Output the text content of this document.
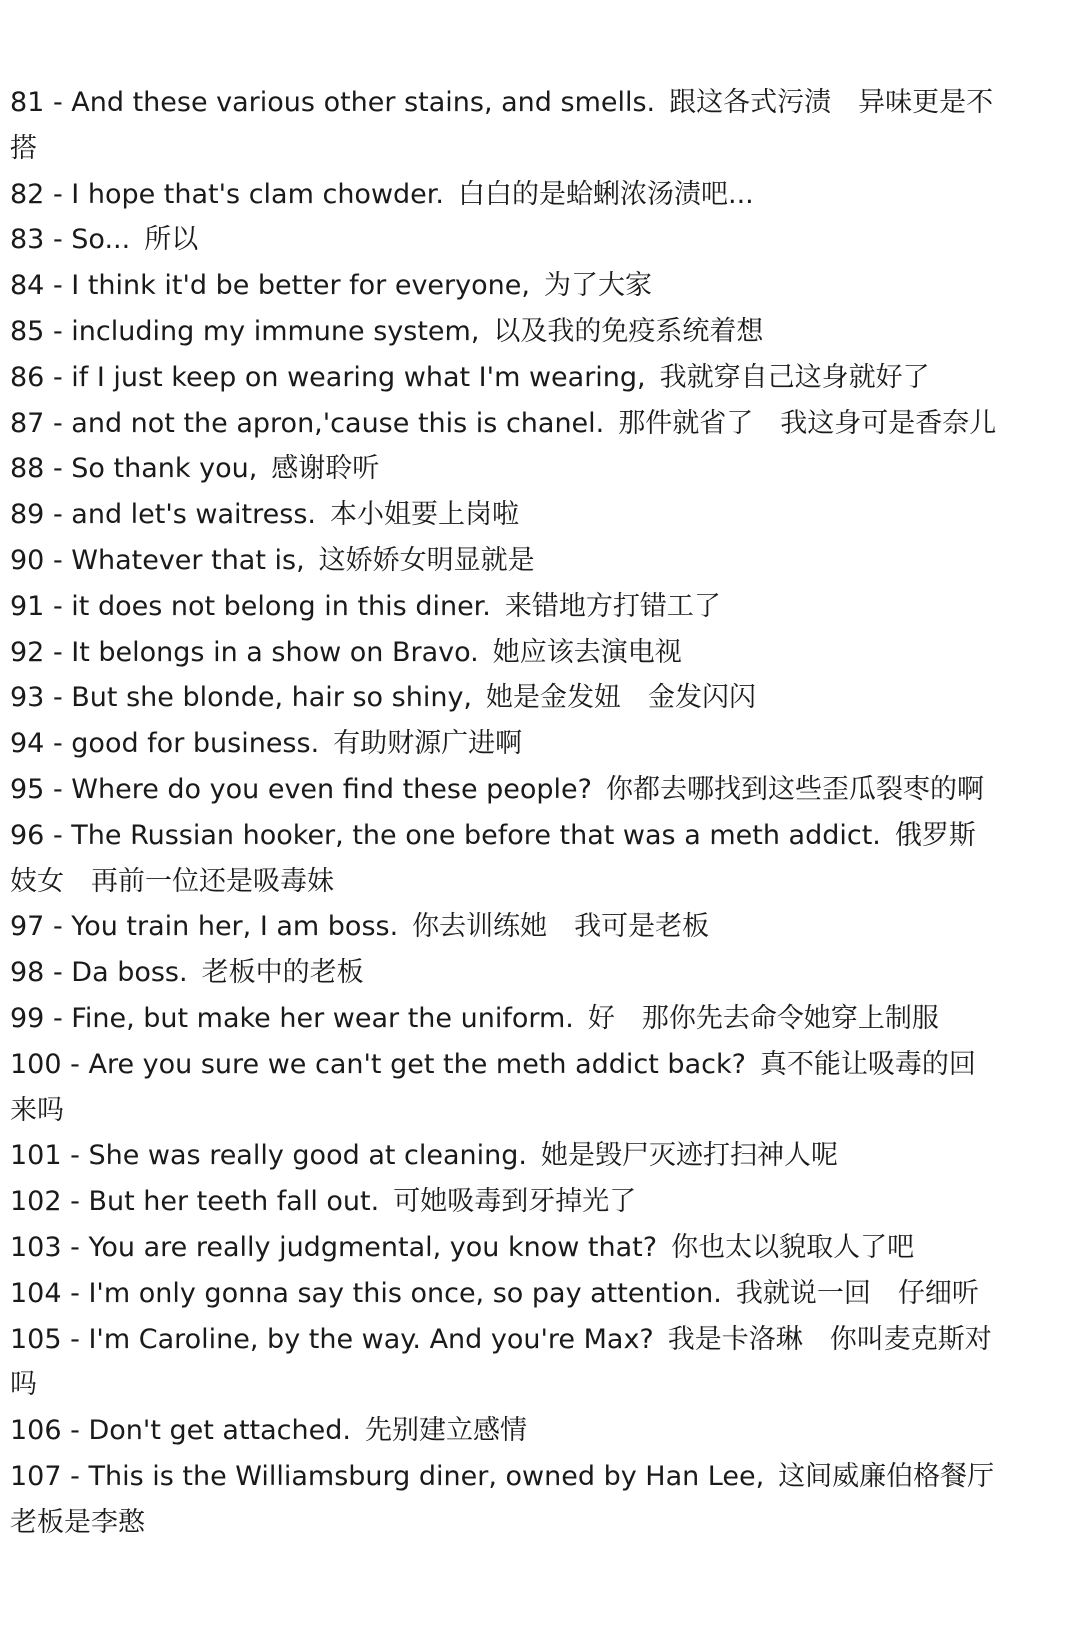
81 - And these various other stains, and smells. 跟这各式污渍　异味更是不搭

82 - I hope that's clam chowder. 白白的是蛤蜊浓汤渍吧...

83 - So... 所以

84 - I think it'd be better for everyone, 为了大家

85 - including my immune system, 以及我的免疫系统着想

86 - if I just keep on wearing what I'm wearing, 我就穿自己这身就好了

87 - and not the apron,'cause this is chanel. 那件就省了　我这身可是香奈儿

88 - So thank you, 感谢聆听

89 - and let's waitress. 本小姐要上岗啦

90 - Whatever that is, 这娇娇女明显就是

91 - it does not belong in this diner. 来错地方打错工了

92 - It belongs in a show on Bravo. 她应该去演电视

93 - But she blonde, hair so shiny, 她是金发妞　金发闪闪

94 - good for business. 有助财源广进啊

95 - Where do you even find these people? 你都去哪找到这些歪瓜裂枣的啊

96 - The Russian hooker, the one before that was a meth addict. 俄罗斯妓女　再前一位还是吸毒妹

97 - You train her, I am boss. 你去训练她　我可是老板

98 - Da boss. 老板中的老板

99 - Fine, but make her wear the uniform. 好　那你先去命令她穿上制服

100 - Are you sure we can't get the meth addict back? 真不能让吸毒的回来吗

101 - She was really good at cleaning. 她是毁尸灭迹打扫神人呢

102 - But her teeth fall out. 可她吸毒到牙掉光了

103 - You are really judgmental, you know that? 你也太以貌取人了吧

104 - I'm only gonna say this once, so pay attention. 我就说一回　仔细听

105 - I'm Caroline, by the way. And you're Max? 我是卡洛琳　你叫麦克斯对吗

106 - Don't get attached. 先别建立感情

107 - This is the Williamsburg diner, owned by Han Lee, 这间威廉伯格餐厅老板是李憨
